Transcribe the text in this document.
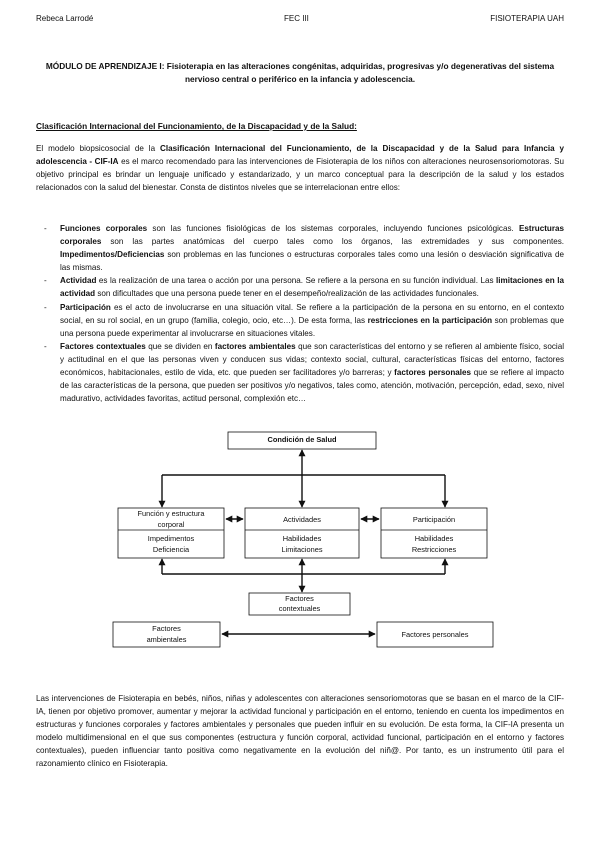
Rebeca Larrodé	FEC III	FISIOTERAPIA UAH
MÓDULO DE APRENDIZAJE I: Fisioterapia en las alteraciones congénitas, adquiridas, progresivas y/o degenerativas del sistema nervioso central o periférico en la infancia y adolescencia.
Clasificación Internacional del Funcionamiento, de la Discapacidad y de la Salud:

El modelo biopsicosocial de la Clasificación Internacional del Funcionamiento, de la Discapacidad y de la Salud para Infancia y adolescencia - CIF-IA es el marco recomendado para las intervenciones de Fisioterapia de los niños con alteraciones neurosensoriomotoras. Su objetivo principal es brindar un lenguaje unificado y estandarizado, y un marco conceptual para la descripción de la salud y los estados relacionados con la salud del bienestar. Consta de distintos niveles que se interrelacionan entre ellos:

- Funciones corporales son las funciones fisiológicas de los sistemas corporales, incluyendo funciones psicológicas. Estructuras corporales son las partes anatómicas del cuerpo tales como los órganos, las extremidades y sus componentes. Impedimentos/Deficiencias son problemas en las funciones o estructuras corporales tales como una lesión o desviación significativa de las mismas.
- Actividad es la realización de una tarea o acción por una persona. Se refiere a la persona en su función individual. Las limitaciones en la actividad son dificultades que una persona puede tener en el desempeño/realización de las actividades funcionales.
- Participación es el acto de involucrarse en una situación vital. Se refiere a la participación de la persona en su entorno, en el contexto social, en su rol social, en un grupo (familia, colegio, ocio, etc…). De esta forma, las restricciones en la participación son problemas que una persona puede experimentar al involucrarse en situaciones vitales.
- Factores contextuales que se dividen en factores ambientales que son características del entorno y se refieren al ambiente físico, social y actitudinal en el que las personas viven y conducen sus vidas; contexto social, cultural, características físicas del entorno, factores económicos, habitacionales, estilo de vida, etc. que pueden ser facilitadores y/o barreras; y factores personales que se refiere al impacto de las características de la persona, que pueden ser positivos y/o negativos, tales como, atención, motivación, percepción, edad, sexo, nivel madurativo, actividades favoritas, actitud personal, complexión etc…
Condición de Salud
Función y estructura
corporal
Impedimentos
Deficiencia
Actividades
Habilidades
Limitaciones
Participación
Habilidades
Restricciones
Factores
contextuales
Factores
ambientales
Factores personales

Las intervenciones de Fisioterapia en bebés, niños, niñas y adolescentes con alteraciones sensoriomotoras que se basan en el marco de la CIF-IA, tienen por objetivo promover, aumentar y mejorar la actividad funcional y participación en el entorno, teniendo en cuenta los impedimentos en estructuras y funciones corporales y factores ambientales y personales que pueden influir en su evolución. De esta forma, la CIF-IA presenta un modelo multidimensional en el que sus componentes (estructura y función corporal, actividad funcional, participación en el entorno y factores contextuales), pueden influenciar tanto positiva como negativamente en la evolución del niñ@. Por tanto, es un instrumento útil para el razonamiento clínico en Fisioterapia.
